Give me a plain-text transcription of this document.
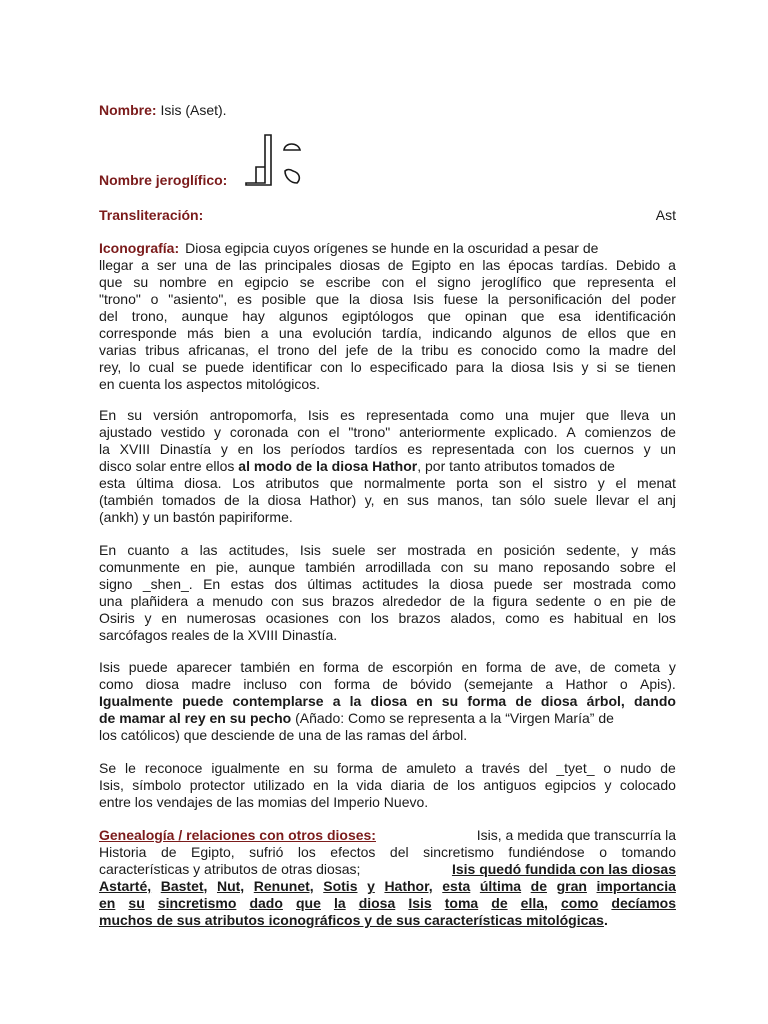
Nombre:
Isis (Aset).
Nombre jeroglífico:
Transliteración:	Ast
Iconografía: Diosa egipcia cuyos orígenes se hunde en la oscuridad a pesar de
llegar a ser una de las principales diosas de Egipto en las épocas tardías. Debido a
que su nombre en egipcio se escribe con el signo jeroglífico que representa el
"trono" o "asiento", es posible que la diosa Isis fuese la personificación del poder
del trono, aunque hay algunos egiptólogos que opinan que esa identificación
corresponde más bien a una evolución tardía, indicando algunos de ellos que en
varias tribus africanas, el trono del jefe de la tribu es conocido como la madre del
rey, lo cual se puede identificar con lo especificado para la diosa Isis y si se tienen
en cuenta los aspectos mitológicos.
En su versión antropomorfa, Isis es representada como una mujer que lleva un
ajustado vestido y coronada con el "trono" anteriormente explicado. A comienzos de
la XVIII Dinastía y en los períodos tardíos es representada con los cuernos y un
disco solar entre ellos al modo de la diosa Hathor, por tanto atributos tomados de
esta última diosa. Los atributos que normalmente porta son el sistro y el menat
(también tomados de la diosa Hathor) y, en sus manos, tan sólo suele llevar el anj
(ankh) y un bastón papiriforme.
En cuanto a las actitudes, Isis suele ser mostrada en posición sedente, y más
comunmente en pie, aunque también arrodillada con su mano reposando sobre el
signo _shen_. En estas dos últimas actitudes la diosa puede ser mostrada como
una plañidera a menudo con sus brazos alrededor de la figura sedente o en pie de
Osiris y en numerosas ocasiones con los brazos alados, como es habitual en los
sarcófagos reales de la XVIII Dinastía.
Isis puede aparecer también en forma de escorpión en forma de ave, de cometa y
como diosa madre incluso con forma de bóvido (semejante a Hathor o Apis).
Igualmente puede contemplarse a la diosa en su forma de diosa árbol, dando
de mamar al rey en su pecho (Añado: Como se representa a la “Virgen María” de
los católicos) que desciende de una de las ramas del árbol.
Se le reconoce igualmente en su forma de amuleto a través del _tyet_ o nudo de
Isis, símbolo protector utilizado en la vida diaria de los antiguos egipcios y colocado
entre los vendajes de las momias del Imperio Nuevo.
Genealogía / relaciones con otros dioses:	Isis, a medida que transcurría la
Historia de Egipto, sufrió los efectos del sincretismo fundiéndose o tomando
características y atributos de otras diosas;	Isis quedó fundida con las diosas
Astarté, Bastet, Nut, Renunet, Sotis y Hathor, esta última de gran importancia
en su sincretismo dado que la diosa Isis toma de ella, como decíamos
muchos de sus atributos iconográficos y de sus características mitológicas .
